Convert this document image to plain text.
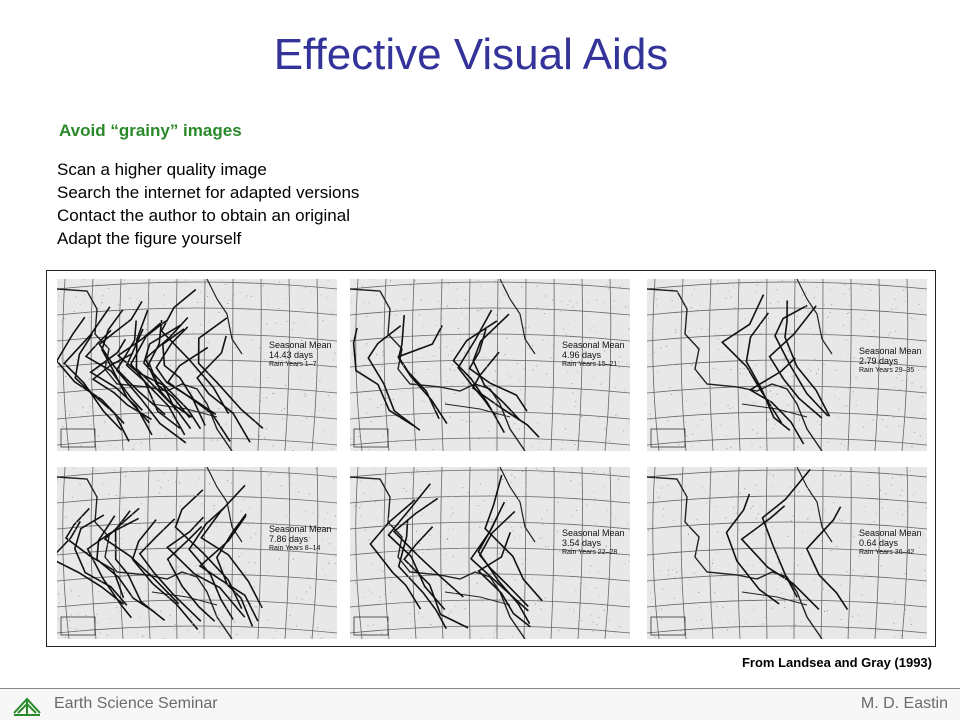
Effective Visual Aids
Avoid “grainy” images
Scan a higher quality image
Search the internet for adapted versions
Contact the author to obtain an original
Adapt the figure yourself
Seasonal Mean
14.43 days
Rain Years 1–7
Seasonal Mean
4.96 days
Rain Years 15–21
Seasonal Mean
2.79 days
Rain Years 29–35
Seasonal Mean
7.86 days
Rain Years 8–14
Seasonal Mean
3.54 days
Rain Years 22–28
Seasonal Mean
0.64 days
Rain Years 36–42
From Landsea and Gray (1993)
Earth Science Seminar	M. D. Eastin
